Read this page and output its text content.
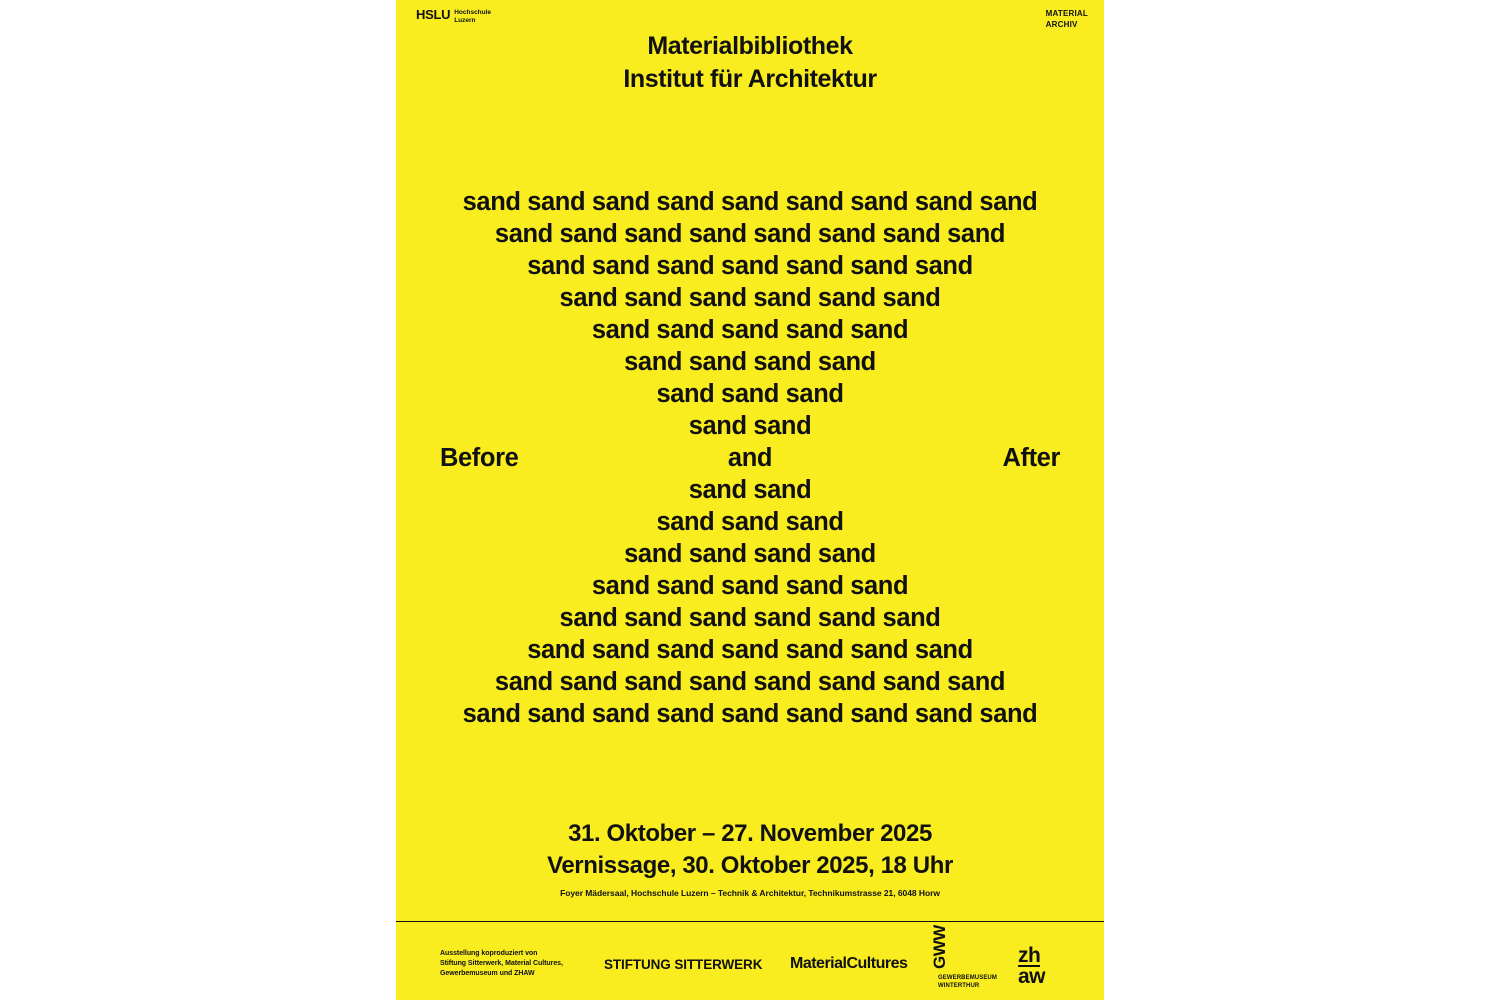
HSLU Hochschule
Luzern
MATERIAL
ARCHIV
Materialbibliothek
Institut für Architektur
sand sand sand sand sand sand sand sand sand
sand sand sand sand sand sand sand sand
sand sand sand sand sand sand sand
sand sand sand sand sand sand
sand sand sand sand sand
sand sand sand sand
sand sand sand
sand sand
Before	and	After
sand sand
sand sand sand
sand sand sand sand
sand sand sand sand sand
sand sand sand sand sand sand
sand sand sand sand sand sand sand
sand sand sand sand sand sand sand sand
sand sand sand sand sand sand sand sand sand
31. Oktober – 27. November 2025
Vernissage, 30. Oktober 2025, 18 Uhr
Foyer Mädersaal, Hochschule Luzern – Technik & Architektur, Technikumstrasse 21, 6048 Horw
Ausstellung koproduziert von
Stiftung Sitterwerk, Material Cultures,
Gewerbemuseum und ZHAW
STIFTUNG SITTERWERK MaterialCultures GWW
GEWERBEMUSEUM
WINTERTHUR
zh
aw
